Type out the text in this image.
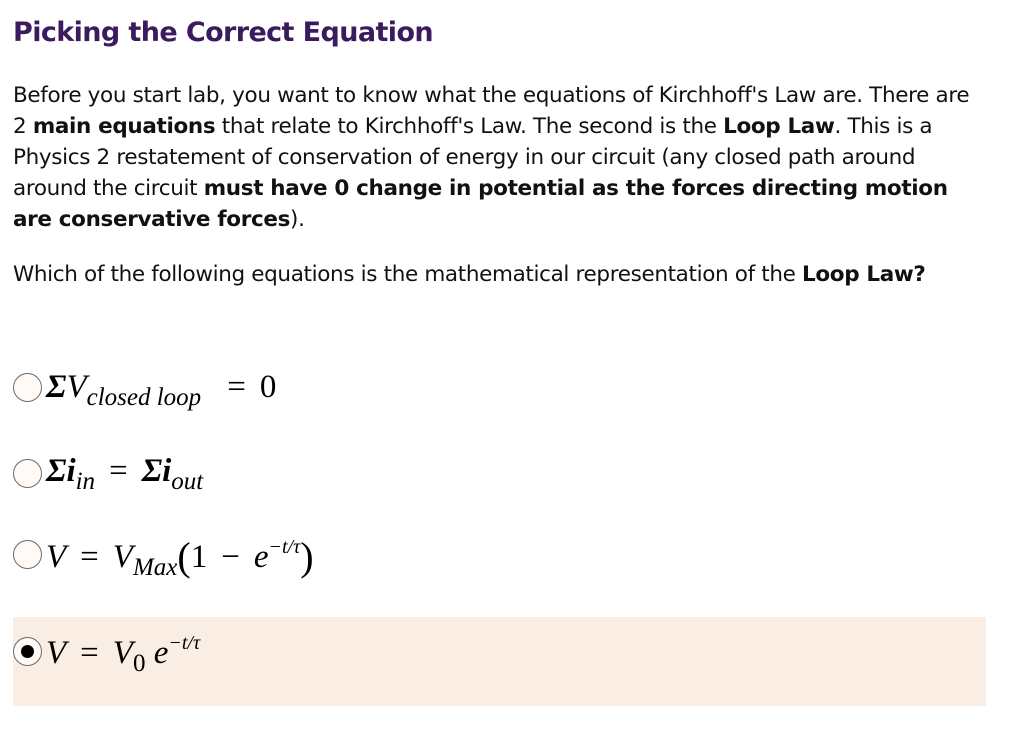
Picking the Correct Equation

Before you start lab, you want to know what the equations of Kirchhoff's Law are. There are 2 main equations that relate to Kirchhoff's Law. The second is the Loop Law. This is a Physics 2 restatement of conservation of energy in our circuit (any closed path around around the circuit must have 0 change in potential as the forces directing motion are conservative forces).

Which of the following equations is the mathematical representation of the Loop Law?

$\Sigma V_{closed loop} = 0$
$\Sigma i_{in} = \Sigma i_{out}$
$V = V_{Max}(1 - e^{-t/\tau})$
$V = V_0$ $e^{-t/\tau}$
